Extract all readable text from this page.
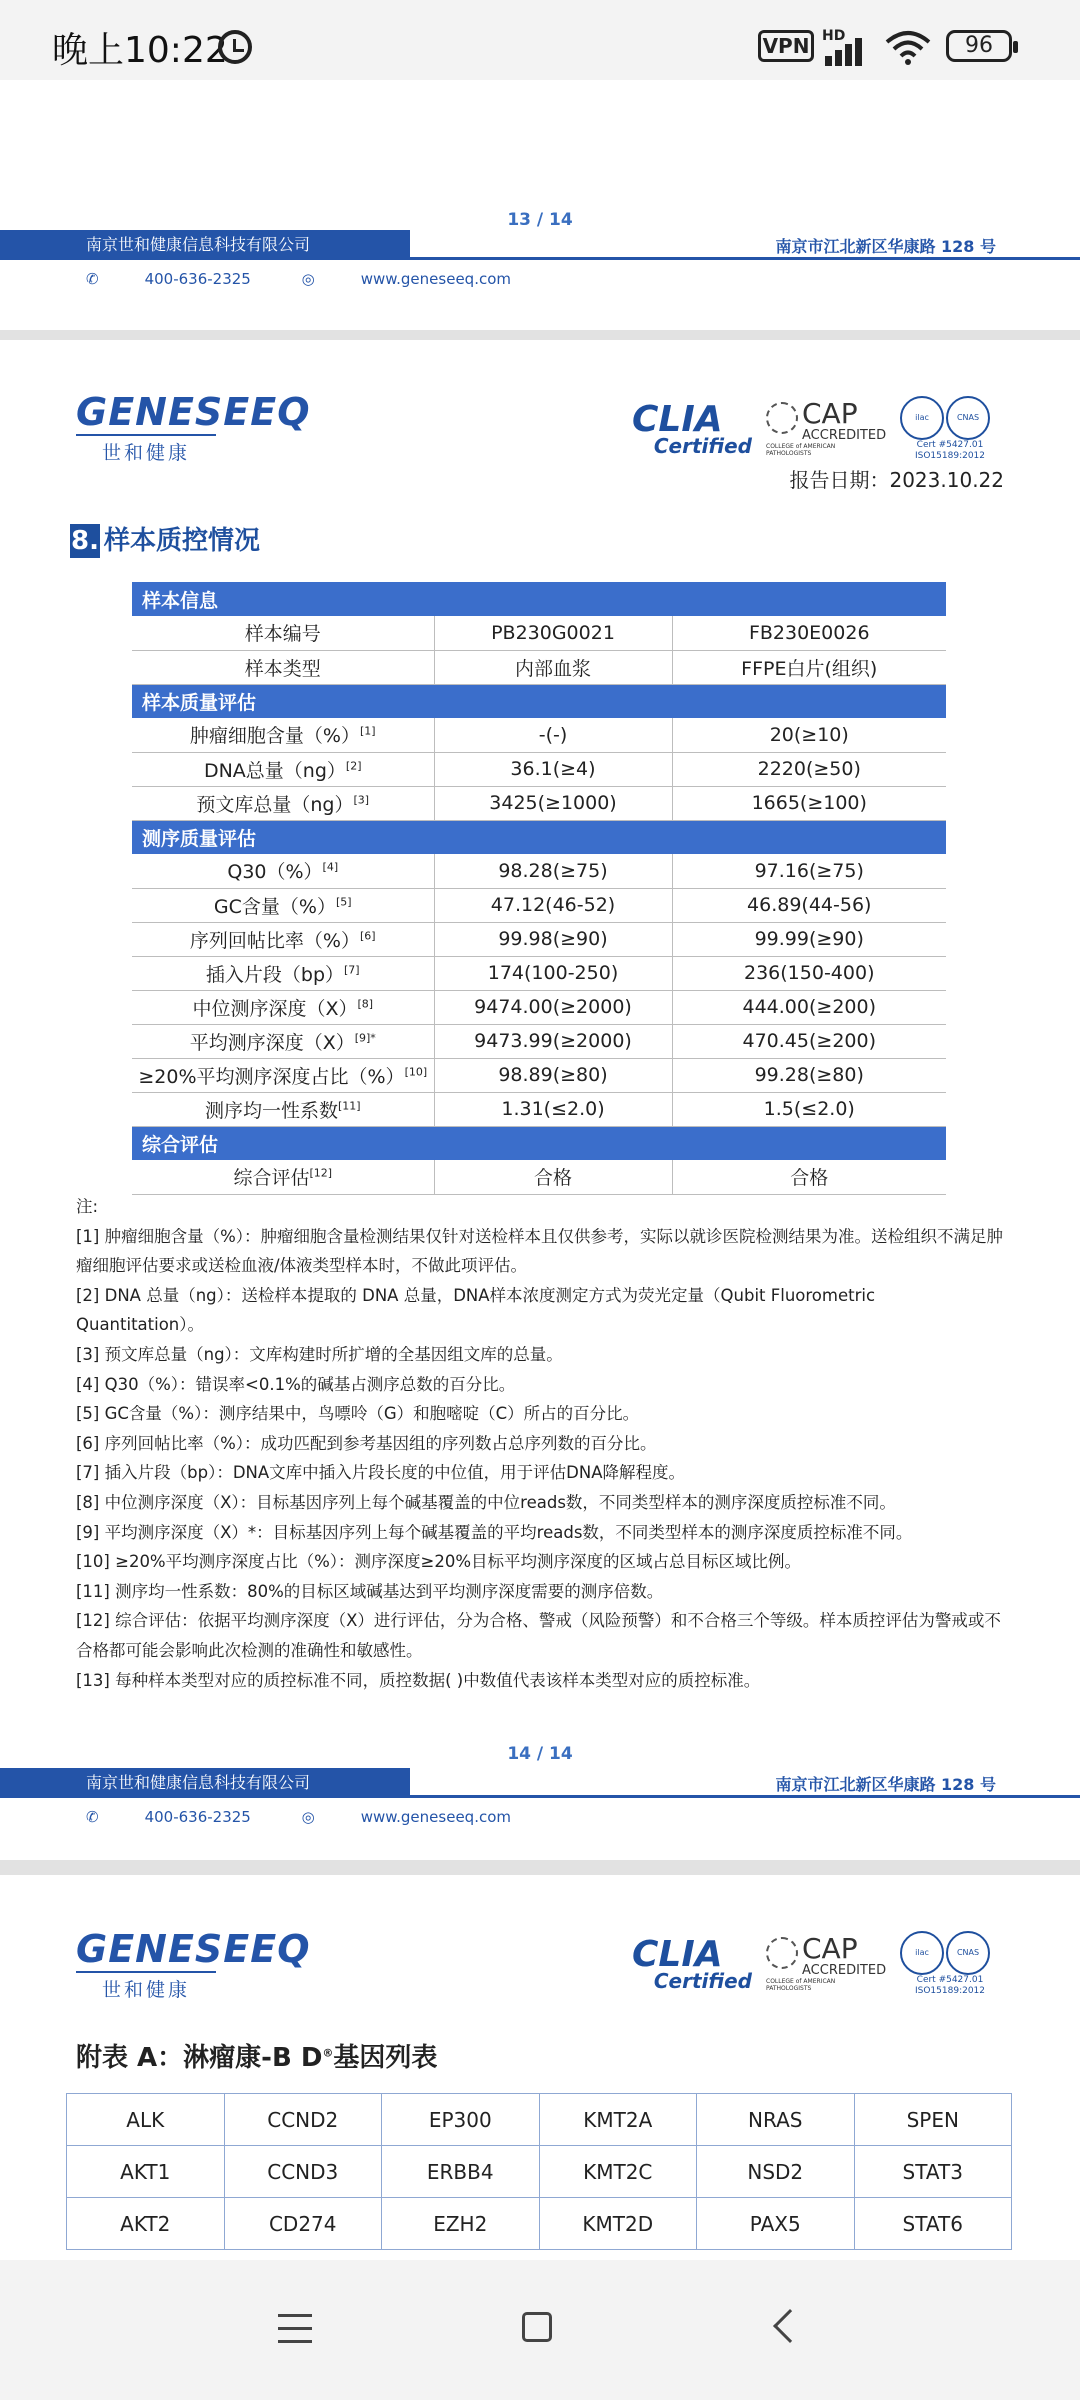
晚上10:22	VPN HD	96
13 / 14
南京世和健康信息科技有限公司	南京市江北新区华康路 128 号
✆	400-636-2325	◎	www.geneseeq.com
GENESEEQ
世和健康
CLIA
Certified
CAP
ACCREDITED
COLLEGE of AMERICAN PATHOLOGISTS
ilac	CNAS
Cert #5427.01
ISO15189:2012
报告日期：2023.10.22
8. 样本质控情况
样本信息		
样本编号	PB230G0021	FB230E0026
样本类型	内部血浆	FFPE白片(组织)
样本质量评估		
肿瘤细胞含量（%）[1]	-(-)	20(≥10)
DNA总量（ng）[2]	36.1(≥4)	2220(≥50)
预文库总量（ng）[3]	3425(≥1000)	1665(≥100)
测序质量评估		
Q30（%）[4]	98.28(≥75)	97.16(≥75)
GC含量（%）[5]	47.12(46-52)	46.89(44-56)
序列回帖比率（%）[6]	99.98(≥90)	99.99(≥90)
插入片段（bp）[7]	174(100-250)	236(150-400)
中位测序深度（X）[8]	9474.00(≥2000)	444.00(≥200)
平均测序深度$(X)^{[9]*}$	9473.99(≥2000)	470.45(≥200)
≥20%平均测序深度占比（%）[10]	98.89(≥80)	99.28(≥80)
测序均一性系数[11]	1.31(≤2.0)	1.5(≤2.0)
综合评估		
综合评估[12]	合格	合格
注:
[1] 肿瘤细胞含量（%）：肿瘤细胞含量检测结果仅针对送检样本且仅供参考，实际以就诊医院检测结果为准。送检组织不满足肿瘤细胞评估要求或送检血液/体液类型样本时，不做此项评估。
[2] DNA 总量（ng）：送检样本提取的 DNA 总量，DNA样本浓度测定方式为荧光定量（Qubit Fluorometric Quantitation）。
[3] 预文库总量（ng）：文库构建时所扩增的全基因组文库的总量。
[4] Q30（%）：错误率<0.1%的碱基占测序总数的百分比。
[5] GC含量（%）：测序结果中，鸟嘌呤（G）和胞嘧啶（C）所占的百分比。
[6] 序列回帖比率（%）：成功匹配到参考基因组的序列数占总序列数的百分比。
[7] 插入片段（bp）：DNA文库中插入片段长度的中位值，用于评估DNA降解程度。
[8] 中位测序深度（X）：目标基因序列上每个碱基覆盖的中位reads数，不同类型样本的测序深度质控标准不同。
[9] 平均测序深度（X）*：目标基因序列上每个碱基覆盖的平均reads数，不同类型样本的测序深度质控标准不同。
[10] ≥20%平均测序深度占比（%）：测序深度≥20%目标平均测序深度的区域占总目标区域比例。
[11] 测序均一性系数：80%的目标区域碱基达到平均测序深度需要的测序倍数。
[12] 综合评估：依据平均测序深度（X）进行评估，分为合格、警戒（风险预警）和不合格三个等级。样本质控评估为警戒或不合格都可能会影响此次检测的准确性和敏感性。
[13] 每种样本类型对应的质控标准不同，质控数据( )中数值代表该样本类型对应的质控标准。
14 / 14
南京世和健康信息科技有限公司	南京市江北新区华康路 128 号
✆	400-636-2325	◎	www.geneseeq.com
GENESEEQ
世和健康
CLIA
Certified
CAP
ACCREDITED
COLLEGE of AMERICAN PATHOLOGISTS
ilac	CNAS
Cert #5427.01
ISO15189:2012
附表 A：淋瘤康-B D®基因列表
ALK	CCND2	EP300	KMT2A	NRAS	SPEN
AKT1	CCND3	ERBB4	KMT2C	NSD2	STAT3
AKT2	CD274	EZH2	KMT2D	PAX5	STAT6
